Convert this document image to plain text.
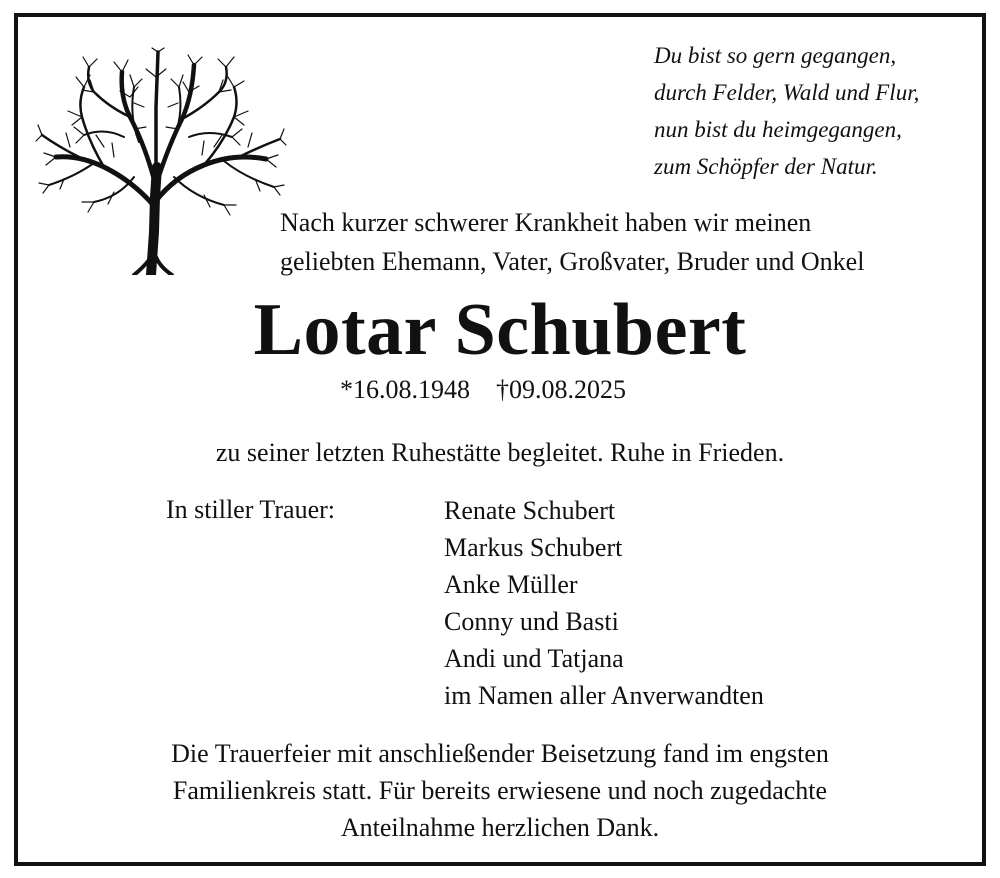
Du bist so gern gegangen,
durch Felder, Wald und Flur,
nun bist du heimgegangen,
zum Schöpfer der Natur.
Nach kurzer schwerer Krankheit haben wir meinen
geliebten Ehemann, Vater, Großvater, Bruder und Onkel
Lotar Schubert
*16.08.1948 †09.08.2025
zu seiner letzten Ruhestätte begleitet. Ruhe in Frieden.
In stiller Trauer:	Renate Schubert
Markus Schubert
Anke Müller
Conny und Basti
Andi und Tatjana
im Namen aller Anverwandten
Die Trauerfeier mit anschließender Beisetzung fand im engsten
Familienkreis statt. Für bereits erwiesene und noch zugedachte
Anteilnahme herzlichen Dank.
